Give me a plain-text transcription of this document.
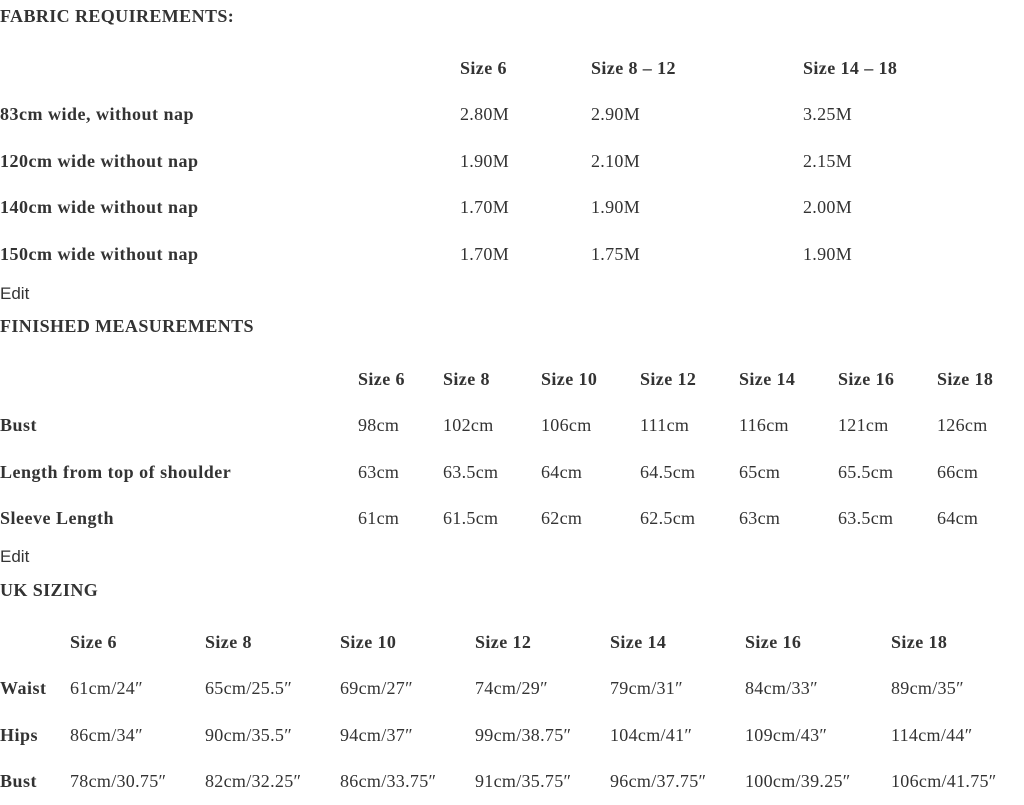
FABRIC REQUIREMENTS:
	Size 6	Size 8 – 12	Size 14 – 18
83cm wide, without nap	2.80M	2.90M	3.25M
120cm wide without nap	1.90M	2.10M	2.15M
140cm wide without nap	1.70M	1.90M	2.00M
150cm wide without nap	1.70M	1.75M	1.90M
Edit
FINISHED MEASUREMENTS
	Size 6	Size 8	Size 10	Size 12	Size 14	Size 16	Size 18
Bust	98cm	102cm	106cm	111cm	116cm	121cm	126cm
Length from top of shoulder	63cm	63.5cm	64cm	64.5cm	65cm	65.5cm	66cm
Sleeve Length	61cm	61.5cm	62cm	62.5cm	63cm	63.5cm	64cm
Edit
UK SIZING
	Size 6	Size 8	Size 10	Size 12	Size 14	Size 16	Size 18
Waist	61cm/24″	65cm/25.5″	69cm/27″	74cm/29″	79cm/31″	84cm/33″	89cm/35″
Hips	86cm/34″	90cm/35.5″	94cm/37″	99cm/38.75″	104cm/41″	109cm/43″	114cm/44″
Bust	78cm/30.75″	82cm/32.25″	86cm/33.75″	91cm/35.75″	96cm/37.75″	100cm/39.25″	106cm/41.75″
